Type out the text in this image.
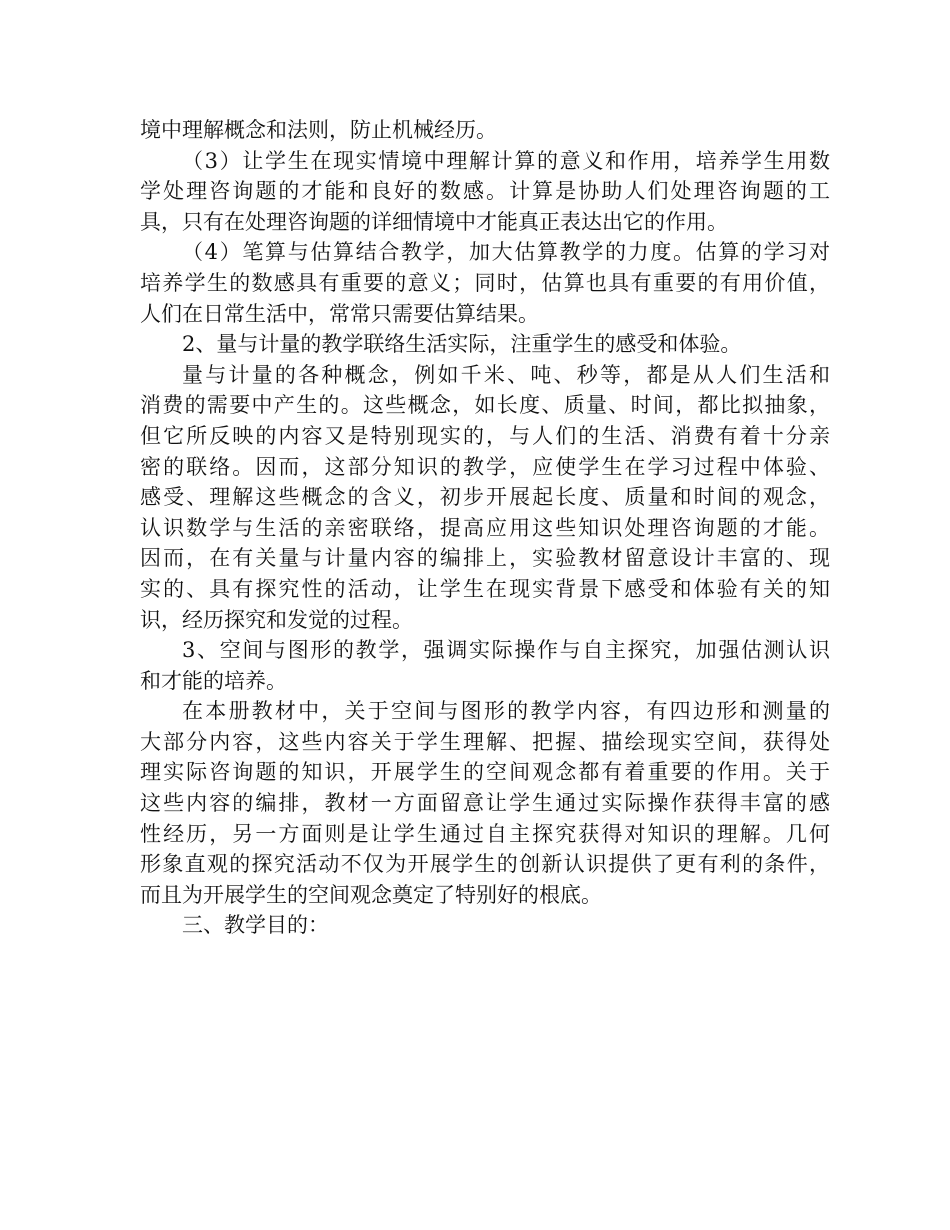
境中理解概念和法则，防止机械经历。
（3）让学生在现实情境中理解计算的意义和作用，培养学生用数
学处理咨询题的才能和良好的数感。计算是协助人们处理咨询题的工
具，只有在处理咨询题的详细情境中才能真正表达出它的作用。
（4）笔算与估算结合教学，加大估算教学的力度。估算的学习对
培养学生的数感具有重要的意义；同时，估算也具有重要的有用价值，
人们在日常生活中，常常只需要估算结果。
2、量与计量的教学联络生活实际，注重学生的感受和体验。
量与计量的各种概念，例如千米、吨、秒等，都是从人们生活和
消费的需要中产生的。这些概念，如长度、质量、时间，都比拟抽象，
但它所反映的内容又是特别现实的，与人们的生活、消费有着十分亲
密的联络。因而，这部分知识的教学，应使学生在学习过程中体验、
感受、理解这些概念的含义，初步开展起长度、质量和时间的观念，
认识数学与生活的亲密联络，提高应用这些知识处理咨询题的才能。
因而，在有关量与计量内容的编排上，实验教材留意设计丰富的、现
实的、具有探究性的活动，让学生在现实背景下感受和体验有关的知
识，经历探究和发觉的过程。
3、空间与图形的教学，强调实际操作与自主探究，加强估测认识
和才能的培养。
在本册教材中，关于空间与图形的教学内容，有四边形和测量的
大部分内容，这些内容关于学生理解、把握、描绘现实空间，获得处
理实际咨询题的知识，开展学生的空间观念都有着重要的作用。关于
这些内容的编排，教材一方面留意让学生通过实际操作获得丰富的感
性经历，另一方面则是让学生通过自主探究获得对知识的理解。几何
形象直观的探究活动不仅为开展学生的创新认识提供了更有利的条件，
而且为开展学生的空间观念奠定了特别好的根底。
三、教学目的：
